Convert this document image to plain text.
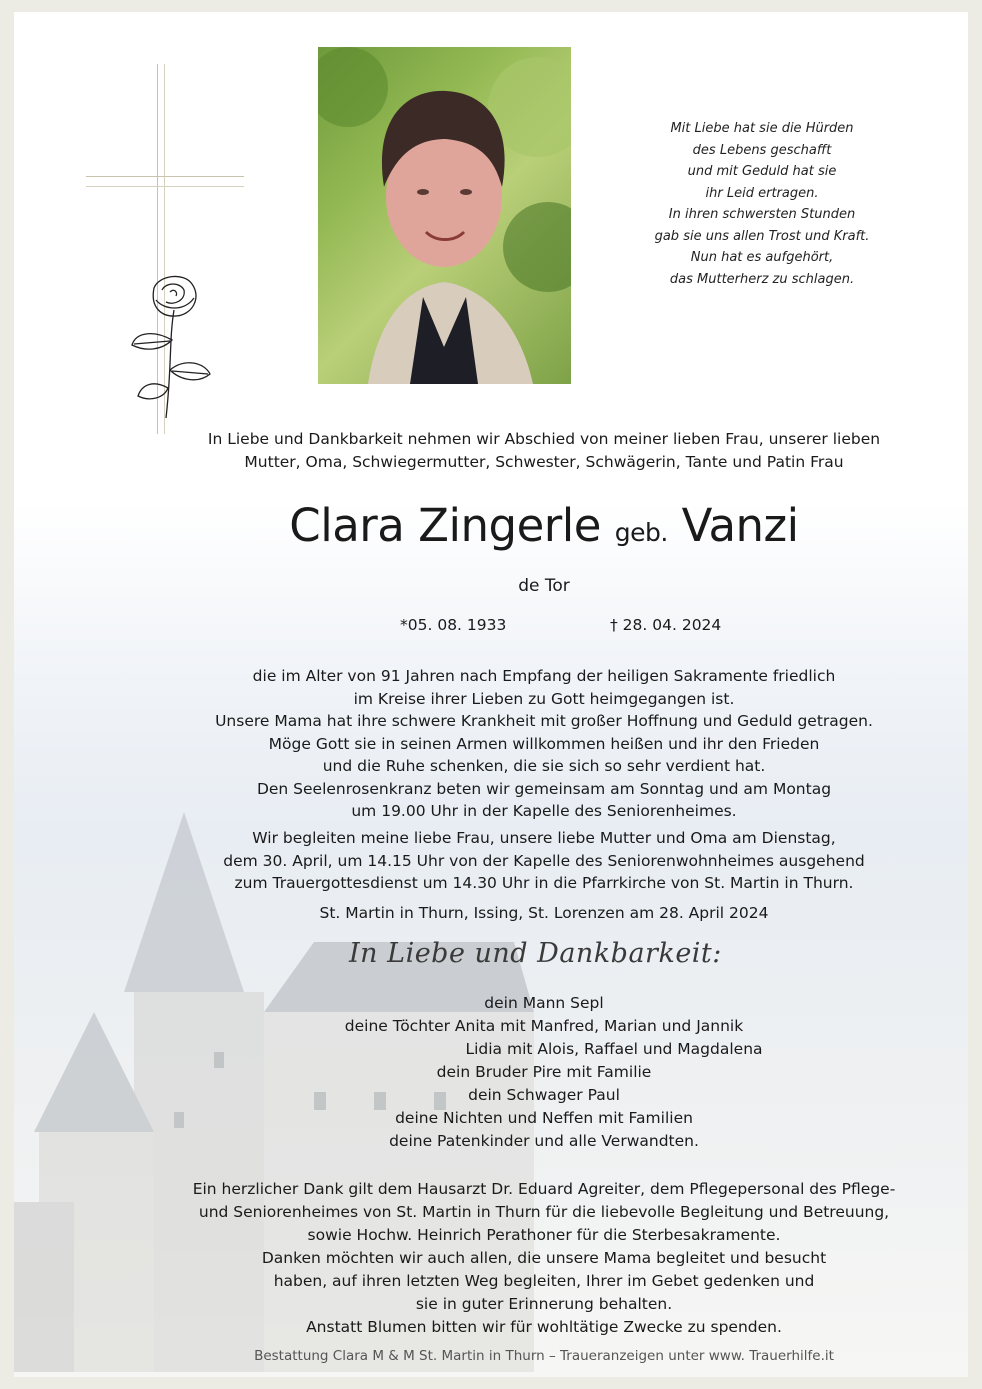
Mit Liebe hat sie die Hürden
des Lebens geschafft
und mit Geduld hat sie
ihr Leid ertragen.
In ihren schwersten Stunden
gab sie uns allen Trost und Kraft.
Nun hat es aufgehört,
das Mutterherz zu schlagen.
In Liebe und Dankbarkeit nehmen wir Abschied von meiner lieben Frau, unserer lieben
Mutter, Oma, Schwiegermutter, Schwester, Schwägerin, Tante und Patin Frau
Clara Zingerle geb. Vanzi
de Tor
*05. 08. 1933	† 28. 04. 2024
die im Alter von 91 Jahren nach Empfang der heiligen Sakramente friedlich
im Kreise ihrer Lieben zu Gott heimgegangen ist.
Unsere Mama hat ihre schwere Krankheit mit großer Hoffnung und Geduld getragen.
Möge Gott sie in seinen Armen willkommen heißen und ihr den Frieden
und die Ruhe schenken, die sie sich so sehr verdient hat.
Den Seelenrosenkranz beten wir gemeinsam am Sonntag und am Montag
um 19.00 Uhr in der Kapelle des Seniorenheimes.
Wir begleiten meine liebe Frau, unsere liebe Mutter und Oma am Dienstag,
dem 30. April, um 14.15 Uhr von der Kapelle des Seniorenwohnheimes ausgehend
zum Trauergottesdienst um 14.30 Uhr in die Pfarrkirche von St. Martin in Thurn.
St. Martin in Thurn, Issing, St. Lorenzen am 28. April 2024
In Liebe und Dankbarkeit:
dein Mann Sepl
deine Töchter Anita mit Manfred, Marian und Jannik
Lidia mit Alois, Raffael und Magdalena
dein Bruder Pire mit Familie
dein Schwager Paul
deine Nichten und Neffen mit Familien
deine Patenkinder und alle Verwandten.
Ein herzlicher Dank gilt dem Hausarzt Dr. Eduard Agreiter, dem Pflegepersonal des Pflege-
und Seniorenheimes von St. Martin in Thurn für die liebevolle Begleitung und Betreuung,
sowie Hochw. Heinrich Perathoner für die Sterbesakramente.
Danken möchten wir auch allen, die unsere Mama begleitet und besucht
haben, auf ihren letzten Weg begleiten, Ihrer im Gebet gedenken und
sie in guter Erinnerung behalten.
Anstatt Blumen bitten wir für wohltätige Zwecke zu spenden.
Bestattung Clara M & M St. Martin in Thurn – Traueranzeigen unter www. Trauerhilfe.it
